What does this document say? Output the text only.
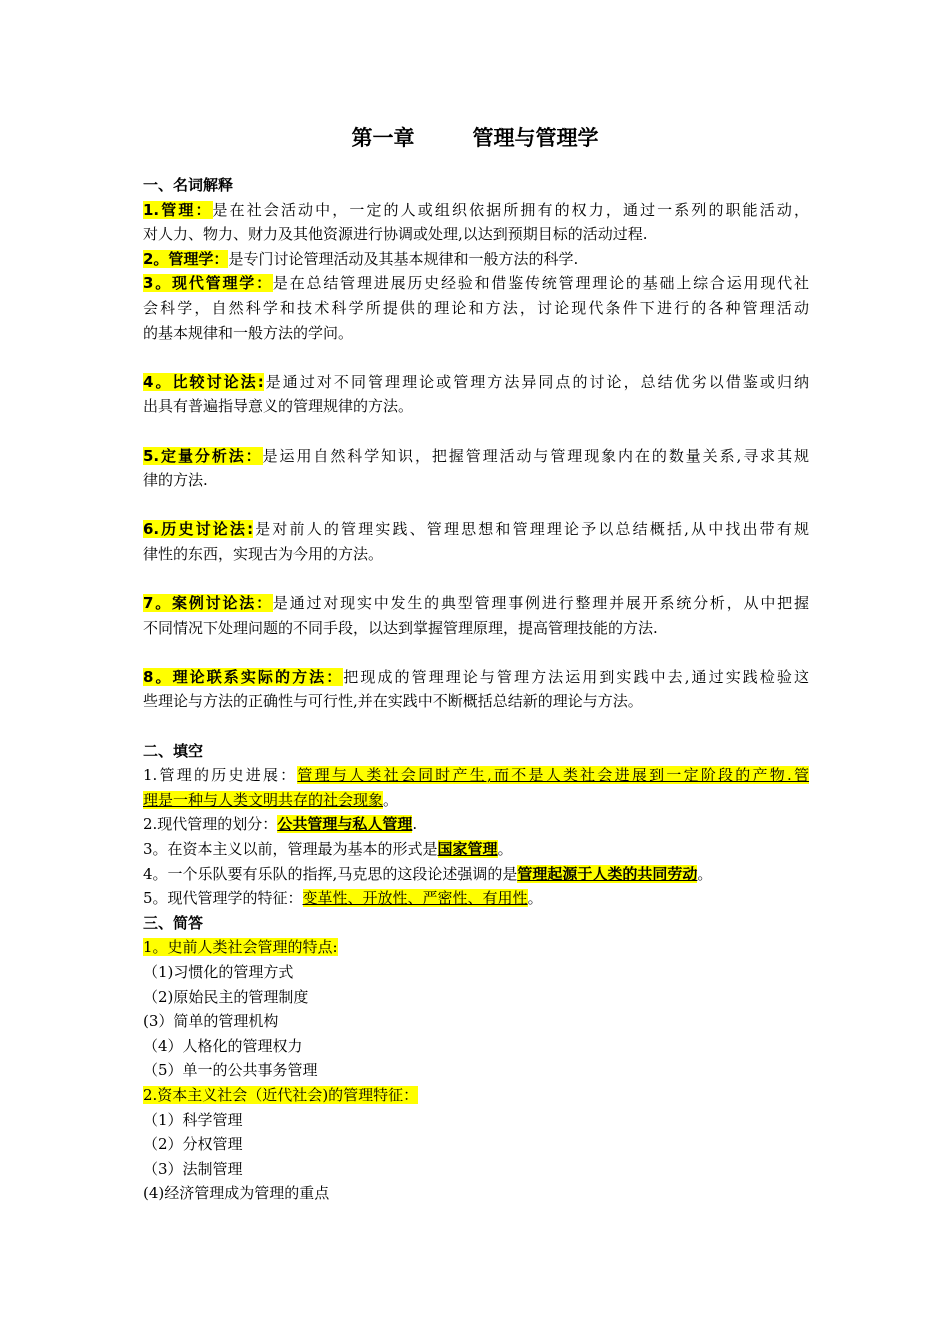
第一章	管理与管理学
一、名词解释
1.管理：是在社会活动中，一定的人或组织依据所拥有的权力，通过一系列的职能活动，
对人力、物力、财力及其他资源进行协调或处理,以达到预期目标的活动过程.
2。管理学：是专门讨论管理活动及其基本规律和一般方法的科学.
3。现代管理学：是在总结管理进展历史经验和借鉴传统管理理论的基础上综合运用现代社
会科学，自然科学和技术科学所提供的理论和方法，讨论现代条件下进行的各种管理活动
的基本规律和一般方法的学问。
4。比较讨论法:是通过对不同管理理论或管理方法异同点的讨论，总结优劣以借鉴或归纳
出具有普遍指导意义的管理规律的方法。
5.定量分析法：是运用自然科学知识，把握管理活动与管理现象内在的数量关系,寻求其规
律的方法.
6.历史讨论法:是对前人的管理实践、管理思想和管理理论予以总结概括,从中找出带有规
律性的东西，实现古为今用的方法。
7。案例讨论法：是通过对现实中发生的典型管理事例进行整理并展开系统分析，从中把握
不同情况下处理问题的不同手段，以达到掌握管理原理，提高管理技能的方法.
8。理论联系实际的方法：把现成的管理理论与管理方法运用到实践中去,通过实践检验这
些理论与方法的正确性与可行性,并在实践中不断概括总结新的理论与方法。
二、填空
1.管理的历史进展：管理与人类社会同时产生,而不是人类社会进展到一定阶段的产物.管
理是一种与人类文明共存的社会现象。
2.现代管理的划分：公共管理与私人管理.
3。在资本主义以前，管理最为基本的形式是国家管理。
4。一个乐队要有乐队的指挥,马克思的这段论述强调的是管理起源于人类的共同劳动。
5。现代管理学的特征：变革性、开放性、严密性、有用性。
三、简答
1。史前人类社会管理的特点:
（1)习惯化的管理方式
（2)原始民主的管理制度
(3）简单的管理机构
（4）人格化的管理权力
（5）单一的公共事务管理
2.资本主义社会（近代社会)的管理特征：
（1）科学管理
（2）分权管理
（3）法制管理
(4)经济管理成为管理的重点
